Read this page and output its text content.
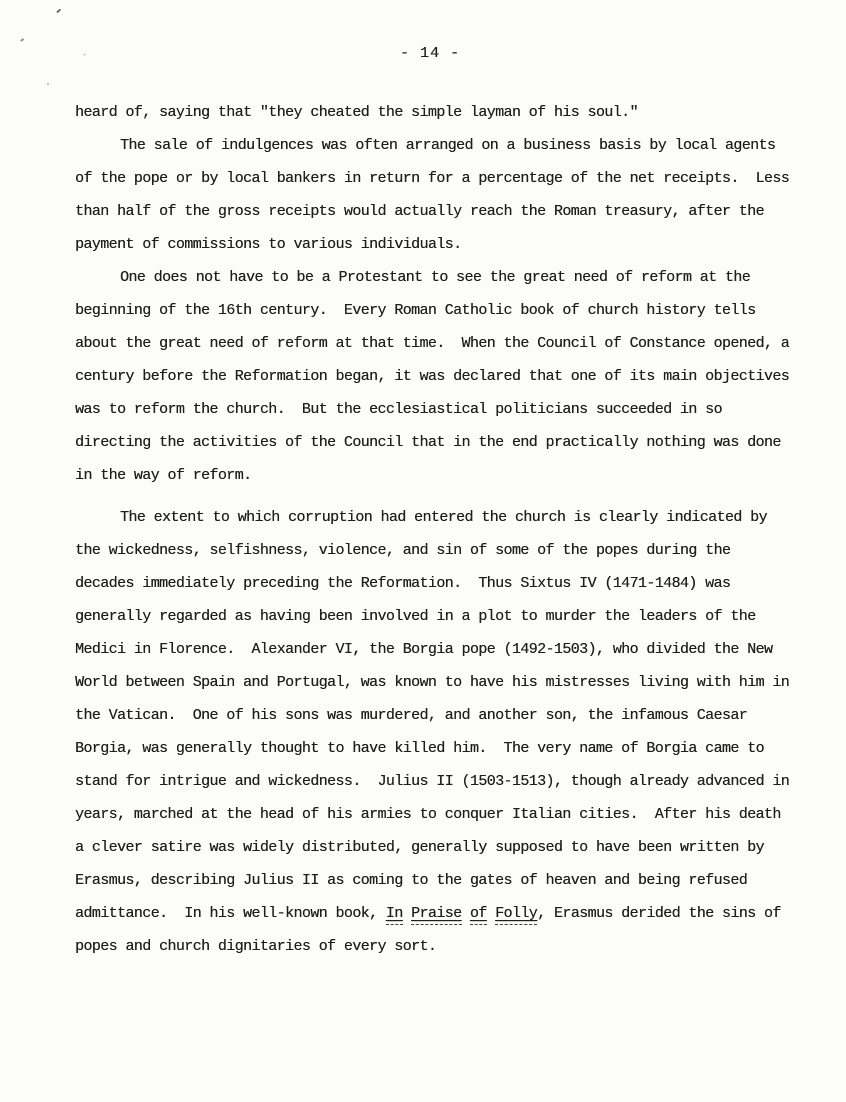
- 14 -
heard of, saying that "they cheated the simple layman of his soul."
The sale of indulgences was often arranged on a business basis by local agents
of the pope or by local bankers in return for a percentage of the net receipts.  Less
than half of the gross receipts would actually reach the Roman treasury, after the
payment of commissions to various individuals.
One does not have to be a Protestant to see the great need of reform at the
beginning of the 16th century.  Every Roman Catholic book of church history tells
about the great need of reform at that time.  When the Council of Constance opened, a
century before the Reformation began, it was declared that one of its main objectives
was to reform the church.  But the ecclesiastical politicians succeeded in so
directing the activities of the Council that in the end practically nothing was done
in the way of reform.
The extent to which corruption had entered the church is clearly indicated by
the wickedness, selfishness, violence, and sin of some of the popes during the
decades immediately preceding the Reformation.  Thus Sixtus IV (1471-1484) was
generally regarded as having been involved in a plot to murder the leaders of the
Medici in Florence.  Alexander VI, the Borgia pope (1492-1503), who divided the New
World between Spain and Portugal, was known to have his mistresses living with him in
the Vatican.  One of his sons was murdered, and another son, the infamous Caesar
Borgia, was generally thought to have killed him.  The very name of Borgia came to
stand for intrigue and wickedness.  Julius II (1503-1513), though already advanced in
years, marched at the head of his armies to conquer Italian cities.  After his death
a clever satire was widely distributed, generally supposed to have been written by
Erasmus, describing Julius II as coming to the gates of heaven and being refused
admittance.  In his well-known book, In Praise of Folly, Erasmus derided the sins of
popes and church dignitaries of every sort.
